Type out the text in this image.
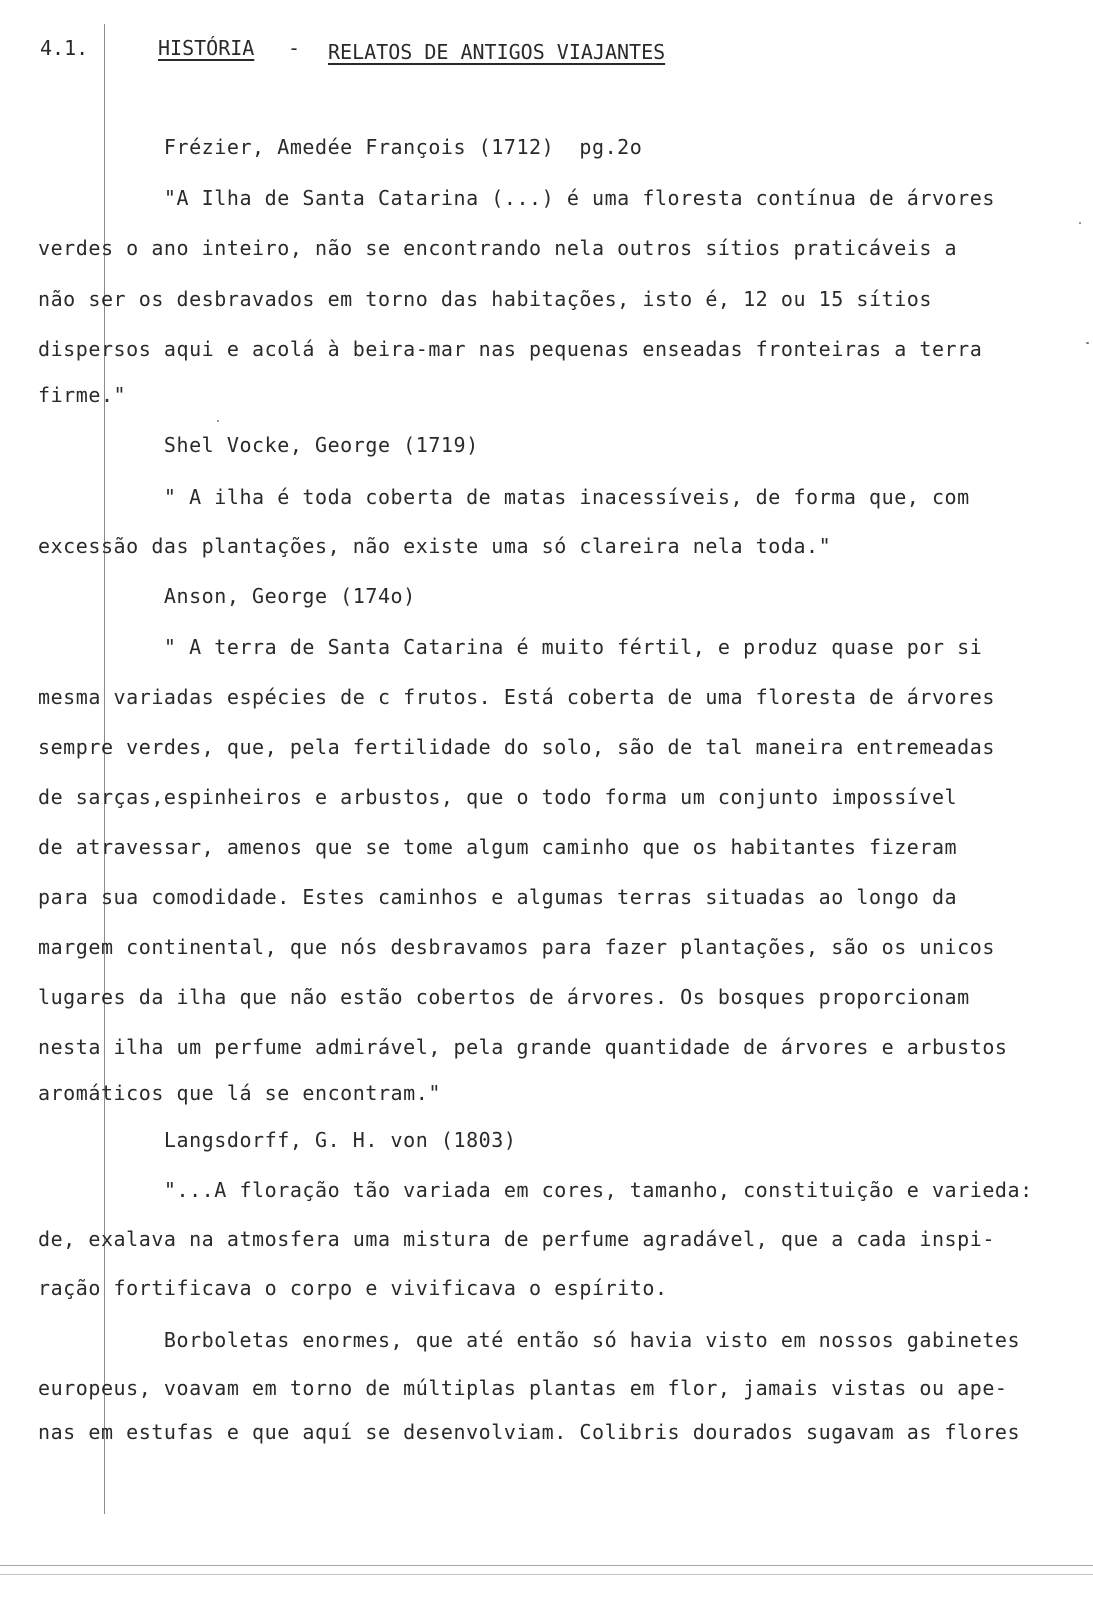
4.1.	HISTÓRIA - RELATOS DE ANTIGOS VIAJANTES
Frézier, Amedée François (1712)  pg.2o
"A Ilha de Santa Catarina (...) é uma floresta contínua de árvores
verdes o ano inteiro, não se encontrando nela outros sítios praticáveis a
não ser os desbravados em torno das habitações, isto é, 12 ou 15 sítios
dispersos aqui e acolá à beira-mar nas pequenas enseadas fronteiras a terra
firme."
Shel Vocke, George (1719)
" A ilha é toda coberta de matas inacessíveis, de forma que, com
excessão das plantações, não existe uma só clareira nela toda."
Anson, George (174o)
" A terra de Santa Catarina é muito fértil, e produz quase por si
mesma variadas espécies de c frutos. Está coberta de uma floresta de árvores
sempre verdes, que, pela fertilidade do solo, são de tal maneira entremeadas
de sarças,espinheiros e arbustos, que o todo forma um conjunto impossível
de atravessar, amenos que se tome algum caminho que os habitantes fizeram
para sua comodidade. Estes caminhos e algumas terras situadas ao longo da
margem continental, que nós desbravamos para fazer plantações, são os unicos
lugares da ilha que não estão cobertos de árvores. Os bosques proporcionam
nesta ilha um perfume admirável, pela grande quantidade de árvores e arbustos
aromáticos que lá se encontram."
Langsdorff, G. H. von (1803)
"...A floração tão variada em cores, tamanho, constituição e varieda:
de, exalava na atmosfera uma mistura de perfume agradável, que a cada inspi-
ração fortificava o corpo e vivificava o espírito.
Borboletas enormes, que até então só havia visto em nossos gabinetes
europeus, voavam em torno de múltiplas plantas em flor, jamais vistas ou ape-
nas em estufas e que aquí se desenvolviam. Colibris dourados sugavam as flores
